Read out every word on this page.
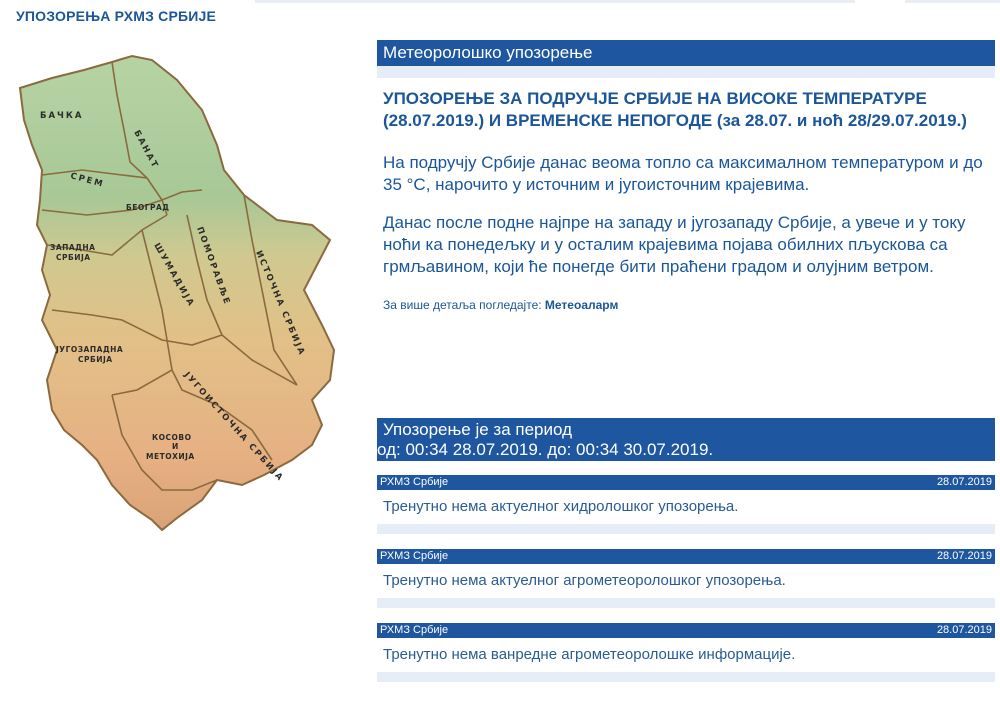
УПОЗОРЕЊА РХМЗ СРБИЈЕ
БАЧКА
БАНАТ
СРЕМ
БЕОГРАД
ЗАПАДНА
СРБИЈА	ШУМАДИЈА
ПОМОРАВЉЕ	ИСТОЧНА СРБИЈА
ЈУГОЗАПАДНА
СРБИЈА
ЈУГОИСТОЧНА СРБИЈА
КОСОВО
И
МЕТОХИЈА
Метеоролошко упозорење
УПОЗОРЕЊЕ ЗА ПОДРУЧЈЕ СРБИЈЕ НА ВИСОКЕ ТЕМПЕРАТУРЕ (28.07.2019.) И ВРЕМЕНСКЕ НЕПОГОДЕ (за 28.07. и ноћ 28/29.07.2019.)
На подручју Србије данас веома топло са максималном температуром и до 35 °C, нарочито у источним и југоисточним крајевима.
Данас после подне најпре на западу и југозападу Србије, а увече и у току ноћи ка понедељку и у осталим крајевима појава обилних пљускова са грмљавином, који ће понегде бити праћени градом и олујним ветром.
За више детаља погледајте: Метеоаларм
Упозорење је за период
од: 00:34 28.07.2019. до: 00:34 30.07.2019.
РХМЗ Србије	28.07.2019
Тренутно нема актуелног хидролошког упозорења.
РХМЗ Србије	28.07.2019
Тренутно нема актуелног агрометеоролошког упозорења.
РХМЗ Србије	28.07.2019
Тренутно нема ванредне агрометеоролошке информације.
